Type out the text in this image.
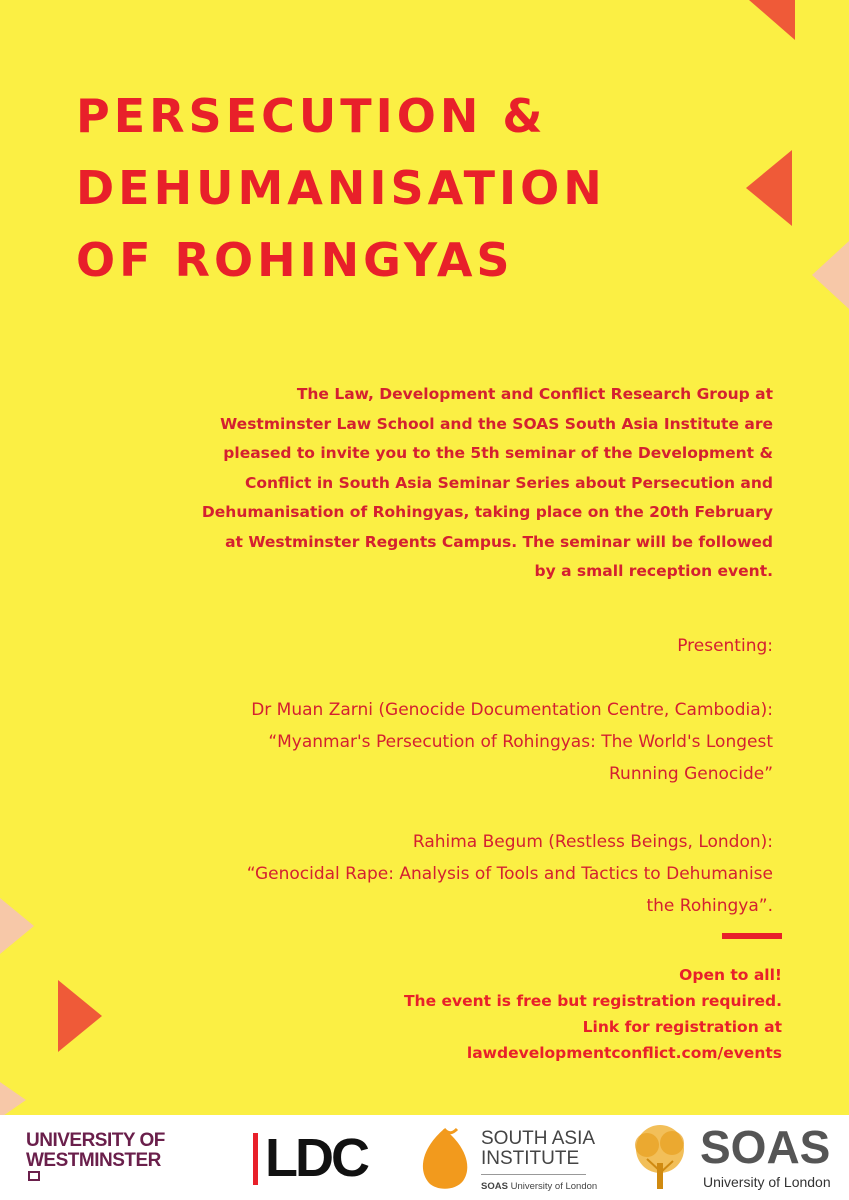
PERSECUTION &
DEHUMANISATION
OF ROHINGYAS

The Law, Development and Conflict Research Group at
Westminster Law School and the SOAS South Asia Institute are
pleased to invite you to the 5th seminar of the Development &
Conflict in South Asia Seminar Series about Persecution and
Dehumanisation of Rohingyas, taking place on the 20th February
at Westminster Regents Campus. The seminar will be followed
by a small reception event.

Presenting:

Dr Muan Zarni (Genocide Documentation Centre, Cambodia):
“Myanmar's Persecution of Rohingyas: The World's Longest
Running Genocide”
Rahima Begum (Restless Beings, London):
“Genocidal Rape: Analysis of Tools and Tactics to Dehumanise
the Rohingya”.

Open to all!
The event is free but registration required.
Link for registration at
lawdevelopmentconflict.com/events

UNIVERSITY OF
WESTMINSTER LDC	SOUTH ASIA
INSTITUTE
SOAS University of London
SOAS
University of London
